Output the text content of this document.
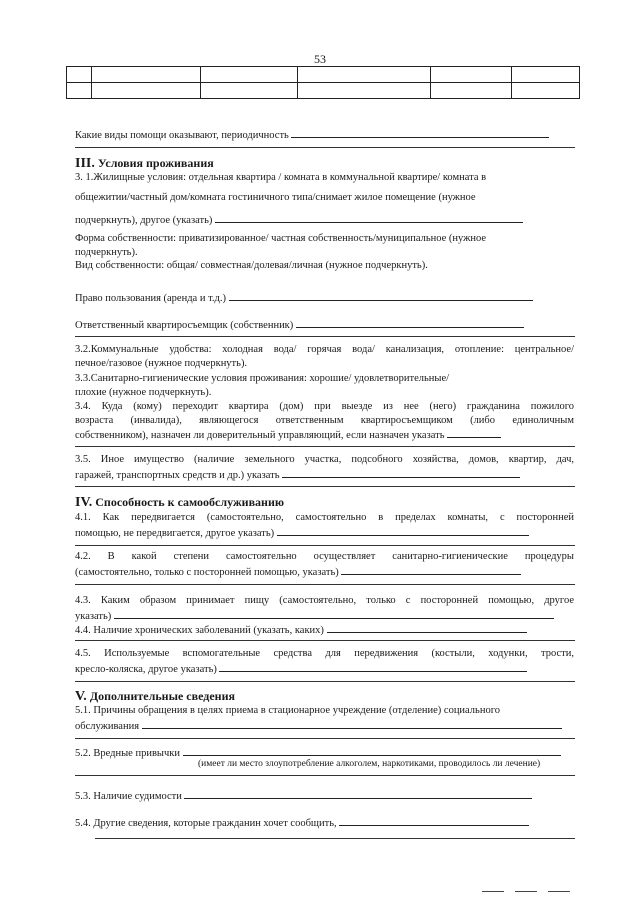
53

Какие виды помощи оказывают, периодичность
III. Условия проживания
3. 1.Жилищные условия: отдельная квартира / комната в коммунальной квартире/ комната в
общежитии/частный дом/комната гостиничного типа/снимает жилое помещение (нужное
подчеркнуть), другое (указать)
Форма собственности: приватизированное/ частная собственность/муниципальное (нужное
подчеркнуть).
Вид собственности: общая/ совместная/долевая/личная (нужное подчеркнуть).
Право пользования (аренда и т.д.)
Ответственный квартиросъемщик (собственник)
3.2.Коммунальные удобства: холодная вода/ горячая вода/ канализация, отопление: центральное/
печное/газовое (нужное подчеркнуть).
3.3.Санитарно-гигиенические условия проживания: хорошие/ удовлетворительные/
плохие (нужное подчеркнуть).
3.4. Куда (кому) переходит квартира (дом) при выезде из нее (него) гражданина пожилого
возраста (инвалида), являющегося ответственным квартиросъемщиком (либо единоличным
собственником), назначен ли доверительный управляющий, если назначен указать
3.5. Иное имущество (наличие земельного участка, подсобного хозяйства, домов, квартир, дач,
гаражей, транспортных средств и др.) указать
IV. Способность к самообслуживанию
4.1. Как передвигается (самостоятельно, самостоятельно в пределах комнаты, с посторонней
помощью, не передвигается, другое указать)
4.2. В какой степени самостоятельно осуществляет санитарно-гигиенические процедуры
(самостоятельно, только с посторонней помощью, указать)
4.3. Каким образом принимает пищу (самостоятельно, только с посторонней помощью, другое
указать)
4.4. Наличие хронических заболеваний (указать, каких)
4.5. Используемые вспомогательные средства для передвижения (костыли, ходунки, трости,
кресло-коляска, другое указать)
V. Дополнительные сведения
5.1. Причины обращения в целях приема в стационарное учреждение (отделение) социального
обслуживания
5.2. Вредные привычки
(имеет ли место злоупотребление алкоголем, наркотиками, проводилось ли лечение)
5.3. Наличие судимости
5.4. Другие сведения, которые гражданин хочет сообщить,
